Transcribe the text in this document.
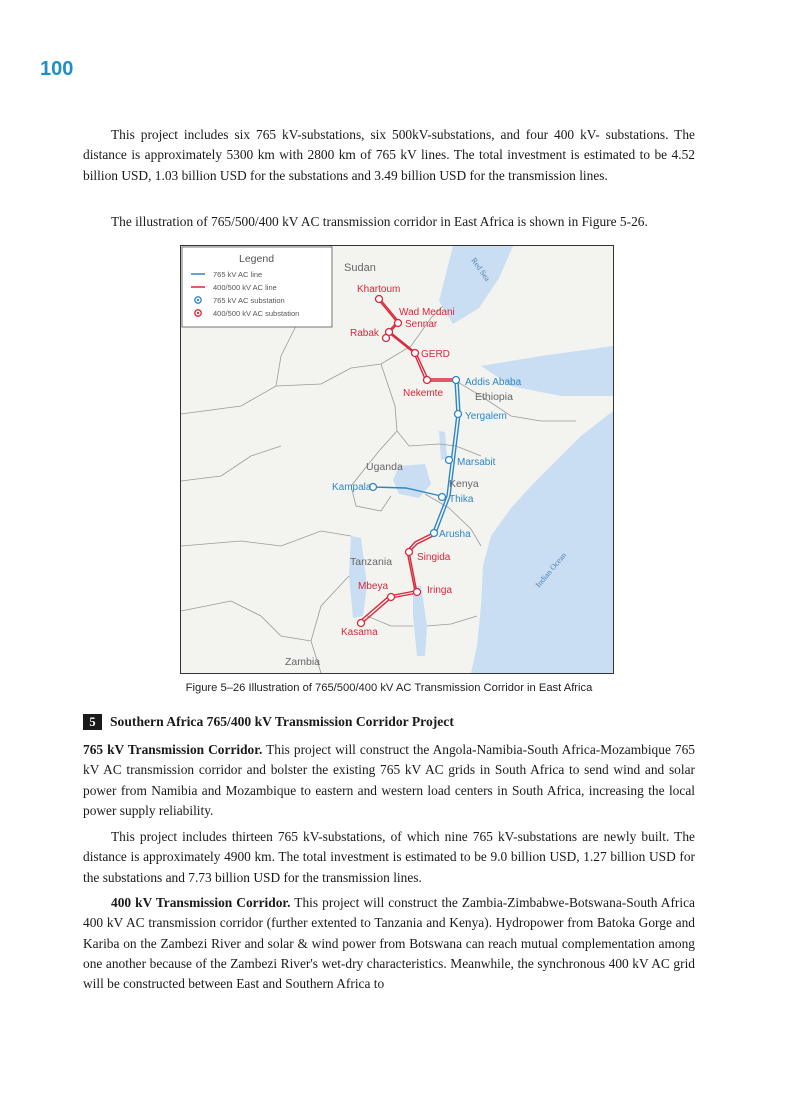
100

This project includes six 765 kV-substations, six 500kV-substations, and four 400 kV- substations. The distance is approximately 5300 km with 2800 km of 765 kV lines. The total investment is estimated to be 4.52 billion USD, 1.03 billion USD for the substations and 3.49 billion USD for the transmission lines.

The illustration of 765/500/400 kV AC transmission corridor in East Africa is shown in Figure 5-26.

Legend
765 kV AC line
400/500 kV AC line
765 kV AC substation
400/500 kV AC substation
Sudan
Ethiopia
Uganda
Kenya
Tanzania
Zambia
Red Sea
Indian Ocean
Khartoum
Wad Medani
Sennar
Rabak
GERD
Nekemte
Singida
Mbeya	Iringa
Kasama
Addis Ababa
Yergalem
Marsabit
Kampala
Thika
Arusha
Figure 5–26 Illustration of 765/500/400 kV AC Transmission Corridor in East Africa
5 Southern Africa 765/400 kV Transmission Corridor Project

765 kV Transmission Corridor. This project will construct the Angola-Namibia-South Africa-Mozambique 765 kV AC transmission corridor and bolster the existing 765 kV AC grids in South Africa to send wind and solar power from Namibia and Mozambique to eastern and western load centers in South Africa, increasing the local power supply reliability.

This project includes thirteen 765 kV-substations, of which nine 765 kV-substations are newly built. The distance is approximately 4900 km. The total investment is estimated to be 9.0 billion USD, 1.27 billion USD for the substations and 7.73 billion USD for the transmission lines.

400 kV Transmission Corridor. This project will construct the Zambia-Zimbabwe-Botswana-South Africa 400 kV AC transmission corridor (further extented to Tanzania and Kenya). Hydropower from Batoka Gorge and Kariba on the Zambezi River and solar & wind power from Botswana can reach mutual complementation among one another because of the Zambezi River's wet-dry characteristics. Meanwhile, the synchronous 400 kV AC grid will be constructed between East and Southern Africa to
